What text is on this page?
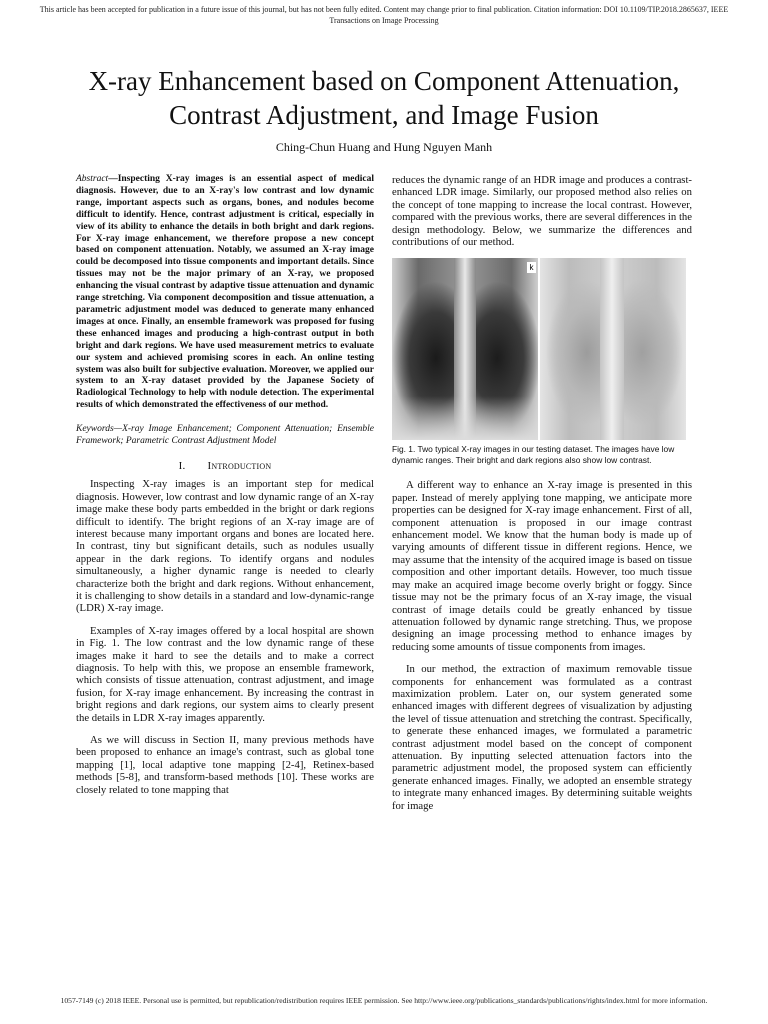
This article has been accepted for publication in a future issue of this journal, but has not been fully edited. Content may change prior to final publication. Citation information: DOI 10.1109/TIP.2018.2865637, IEEE
Transactions on Image Processing
X-ray Enhancement based on Component Attenuation,
Contrast Adjustment, and Image Fusion
Ching-Chun Huang and Hung Nguyen Manh

Abstract—Inspecting X-ray images is an essential aspect of medical diagnosis. However, due to an X-ray's low contrast and low dynamic range, important aspects such as organs, bones, and nodules become difficult to identify. Hence, contrast adjustment is critical, especially in view of its ability to enhance the details in both bright and dark regions. For X-ray image enhancement, we therefore propose a new concept based on component attenuation. Notably, we assumed an X-ray image could be decomposed into tissue components and important details. Since tissues may not be the major primary of an X-ray, we proposed enhancing the visual contrast by adaptive tissue attenuation and dynamic range stretching. Via component decomposition and tissue attenuation, a parametric adjustment model was deduced to generate many enhanced images at once. Finally, an ensemble framework was proposed for fusing these enhanced images and producing a high-contrast output in both bright and dark regions. We have used measurement metrics to evaluate our system and achieved promising scores in each. An online testing system was also built for subjective evaluation. Moreover, we applied our system to an X-ray dataset provided by the Japanese Society of Radiological Technology to help with nodule detection. The experimental results of which demonstrated the effectiveness of our method.

Keywords—X-ray Image Enhancement; Component Attenuation; Ensemble Framework; Parametric Contrast Adjustment Model

I. Introduction

Inspecting X-ray images is an important step for medical diagnosis. However, low contrast and low dynamic range of an X-ray image make these body parts embedded in the bright or dark regions difficult to identify. The bright regions of an X-ray image are of interest because many important organs and bones are located here. In contrast, tiny but significant details, such as nodules usually appear in the dark regions. To identify organs and nodules simultaneously, a higher dynamic range is needed to clearly characterize both the bright and dark regions. Without enhancement, it is challenging to show details in a standard and low-dynamic-range (LDR) X-ray image.

Examples of X-ray images offered by a local hospital are shown in Fig. 1. The low contrast and the low dynamic range of these images make it hard to see the details and to make a correct diagnosis. To help with this, we propose an ensemble framework, which consists of tissue attenuation, contrast adjustment, and image fusion, for X-ray image enhancement. By increasing the contrast in bright regions and dark regions, our system aims to clearly present the details in LDR X-ray images apparently.

As we will discuss in Section II, many previous methods have been proposed to enhance an image's contrast, such as global tone mapping [1], local adaptive tone mapping [2-4], Retinex-based methods [5-8], and transform-based methods [10]. These works are closely related to tone mapping that

reduces the dynamic range of an HDR image and produces a contrast-enhanced LDR image. Similarly, our proposed method also relies on the concept of tone mapping to increase the local contrast. However, compared with the previous works, there are several differences in the design methodology. Below, we summarize the differences and contributions of our method.

k
Fig. 1. Two typical X-ray images in our testing dataset. The images have low dynamic ranges. Their bright and dark regions also show low contrast.

A different way to enhance an X-ray image is presented in this paper. Instead of merely applying tone mapping, we anticipate more properties can be designed for X-ray image enhancement. First of all, component attenuation is proposed in our image contrast enhancement model. We know that the human body is made up of varying amounts of different tissue in different regions. Hence, we may assume that the intensity of the acquired image is based on tissue composition and other important details. However, too much tissue may make an acquired image become overly bright or foggy. Since tissue may not be the primary focus of an X-ray image, the visual contrast of image details could be greatly enhanced by tissue attenuation followed by dynamic range stretching. Thus, we propose designing an image processing method to enhance images by reducing some amounts of tissue components from images.

In our method, the extraction of maximum removable tissue components for enhancement was formulated as a contrast maximization problem. Later on, our system generated some enhanced images with different degrees of visualization by adjusting the level of tissue attenuation and stretching the contrast. Specifically, to generate these enhanced images, we formulated a parametric contrast adjustment model based on the concept of component attenuation. By inputting selected attenuation factors into the parametric adjustment model, the proposed system can efficiently generate enhanced images. Finally, we adopted an ensemble strategy to integrate many enhanced images. By determining suitable weights for image

1057-7149 (c) 2018 IEEE. Personal use is permitted, but republication/redistribution requires IEEE permission. See http://www.ieee.org/publications_standards/publications/rights/index.html for more information.
